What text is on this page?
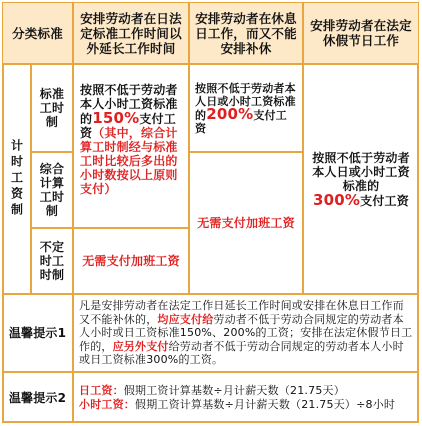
分类标准
安排劳动者在日法定标准工作时间以外延长工作时间
安排劳动者在休息日工作，而又不能安排补休
安排劳动者在法定休假节日工作
计时工资制
标准工时制
综合计算工时制
不定时工时制
按照不低于劳动者本人小时工资标准的150%支付工资（其中，综合计算工时制经与标准工时比较后多出的小时数按以上原则支付）
无需支付加班工资
按照不低于劳动者本人日或小时工资标准的200%支付工资
无需支付加班工资
按照不低于劳动者本人日或小时工资标准的
300%支付工资
温馨提示1
凡是安排劳动者在法定工作日延长工作时间或安排在休息日工作而又不能补休的，均应支付给劳动者不低于劳动合同规定的劳动者本人小时或日工资标准150%、200%的工资；安排在法定休假节日工作的，应另外支付给劳动者不低于劳动合同规定的劳动者本人小时或日工资标准300%的工资。
温馨提示2	日工资：假期工资计算基数÷月计薪天数（21.75天）
小时工资：假期工资计算基数÷月计薪天数（21.75天）÷8小时
